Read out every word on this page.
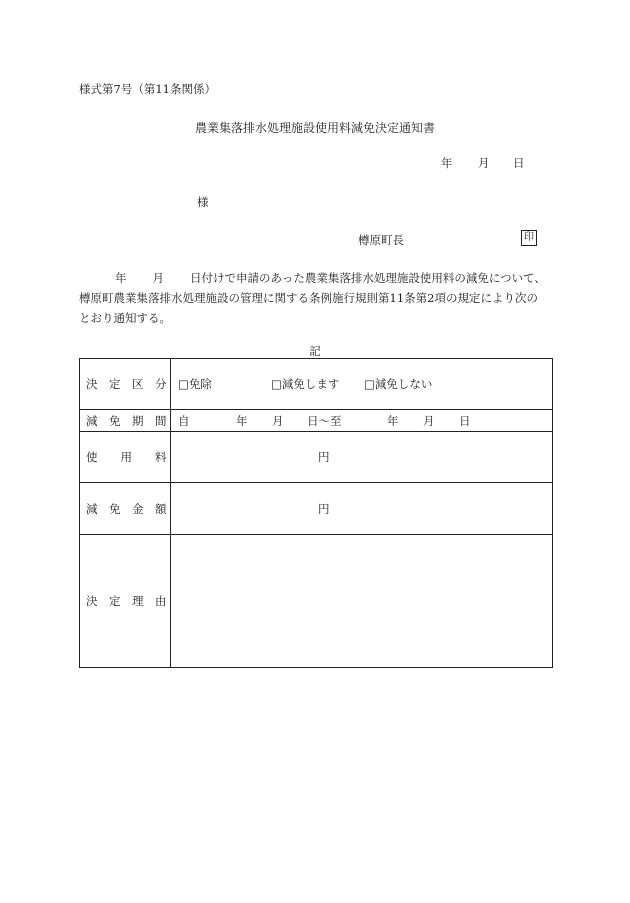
様式第7号（第11条関係）
農業集落排水処理施設使用料減免決定通知書
年 月 日
様
樽原町長	印
年 月 日付けで申請のあった農業集落排水処理施設使用料の減免について、
樽原町農業集落排水処理施設の管理に関する条例施行規則第11条第2項の規定により次の
とおり通知する。
記
決　定　区　分 □免除	□減免します □減免しない
減　免　期　間 自	年 月 日〜至	年 月 日
使　　用　　料	円
減　免　金　額	円
決　定　理　由
